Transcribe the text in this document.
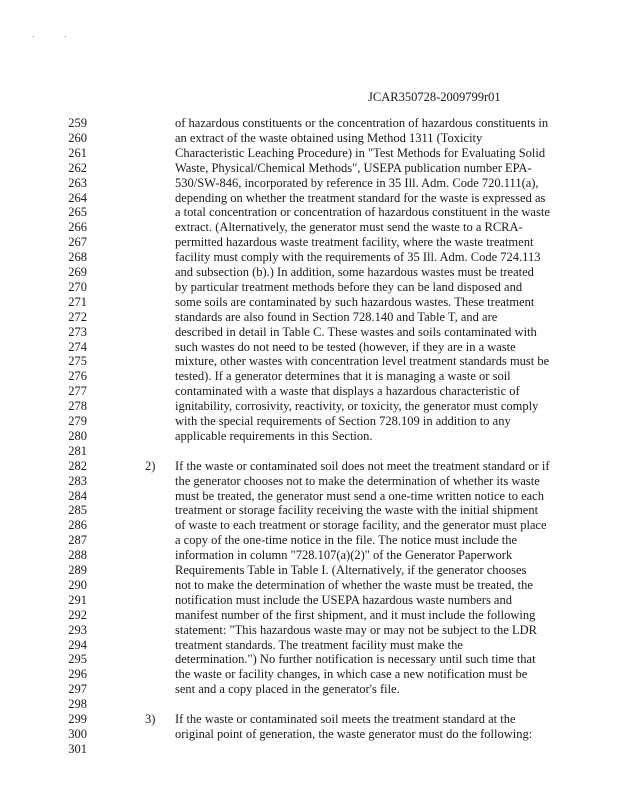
JCAR350728-2009799r01
259	of hazardous constituents or the concentration of hazardous constituents in
260	an extract of the waste obtained using Method 1311 (Toxicity
261	Characteristic Leaching Procedure) in "Test Methods for Evaluating Solid
262	Waste, Physical/Chemical Methods", USEPA publication number EPA-
263	530/SW-846, incorporated by reference in 35 Ill. Adm. Code 720.111(a),
264	depending on whether the treatment standard for the waste is expressed as
265	a total concentration or concentration of hazardous constituent in the waste
266	extract. (Alternatively, the generator must send the waste to a RCRA-
267	permitted hazardous waste treatment facility, where the waste treatment
268	facility must comply with the requirements of 35 Ill. Adm. Code 724.113
269	and subsection (b).) In addition, some hazardous wastes must be treated
270	by particular treatment methods before they can be land disposed and
271	some soils are contaminated by such hazardous wastes. These treatment
272	standards are also found in Section 728.140 and Table T, and are
273	described in detail in Table C. These wastes and soils contaminated with
274	such wastes do not need to be tested (however, if they are in a waste
275	mixture, other wastes with concentration level treatment standards must be
276	tested). If a generator determines that it is managing a waste or soil
277	contaminated with a waste that displays a hazardous characteristic of
278	ignitability, corrosivity, reactivity, or toxicity, the generator must comply
279	with the special requirements of Section 728.109 in addition to any
280	applicable requirements in this Section.
281
282	2) If the waste or contaminated soil does not meet the treatment standard or if
283	the generator chooses not to make the determination of whether its waste
284	must be treated, the generator must send a one-time written notice to each
285	treatment or storage facility receiving the waste with the initial shipment
286	of waste to each treatment or storage facility, and the generator must place
287	a copy of the one-time notice in the file. The notice must include the
288	information in column "728.107(a)(2)" of the Generator Paperwork
289	Requirements Table in Table I. (Alternatively, if the generator chooses
290	not to make the determination of whether the waste must be treated, the
291	notification must include the USEPA hazardous waste numbers and
292	manifest number of the first shipment, and it must include the following
293	statement: "This hazardous waste may or may not be subject to the LDR
294	treatment standards. The treatment facility must make the
295	determination.") No further notification is necessary until such time that
296	the waste or facility changes, in which case a new notification must be
297	sent and a copy placed in the generator's file.
298
299	3) If the waste or contaminated soil meets the treatment standard at the
300	original point of generation, the waste generator must do the following:
301
